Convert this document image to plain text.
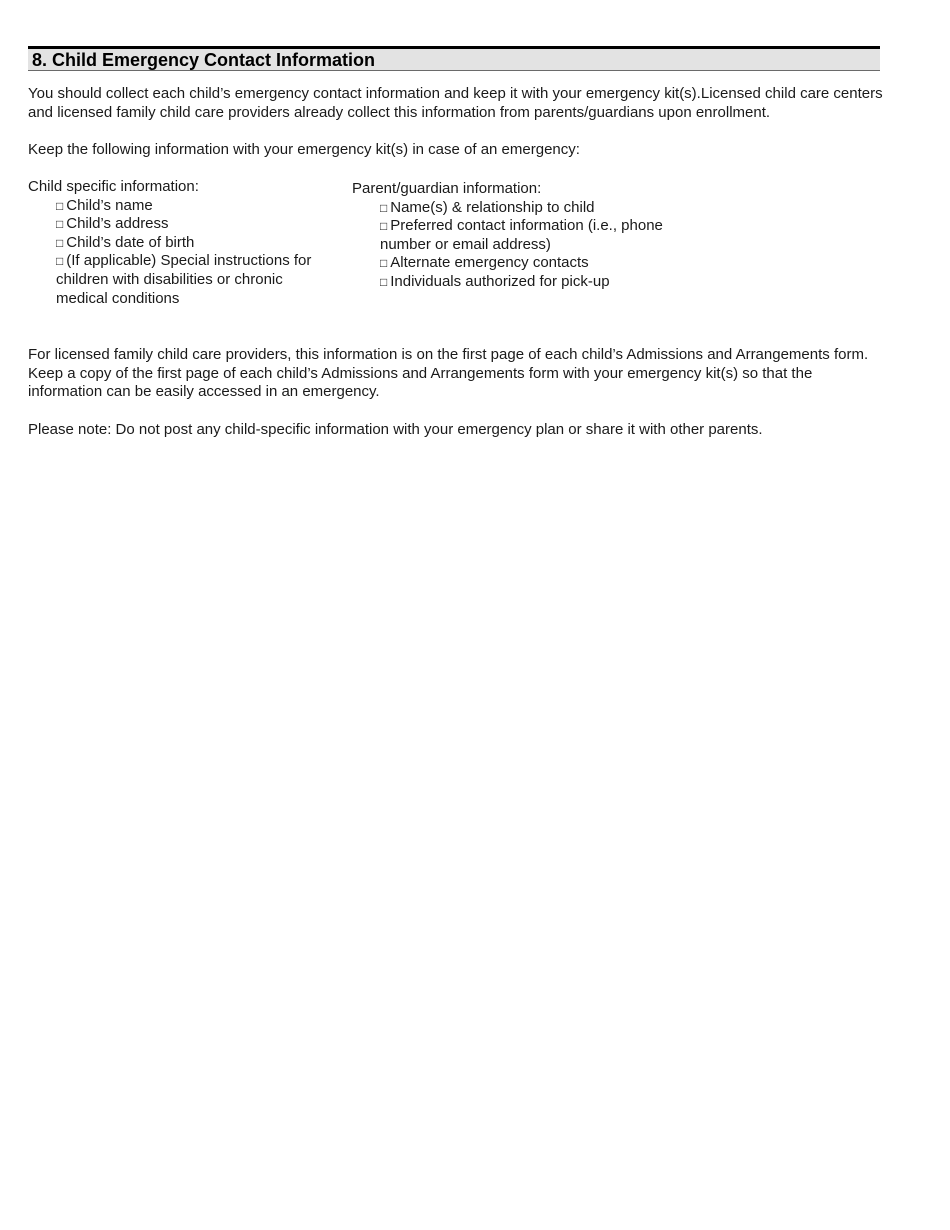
8. Child Emergency Contact Information

You should collect each child’s emergency contact information and keep it with your emergency kit(s).Licensed child care centers and licensed family child care providers already collect this information from parents/guardians upon enrollment.

Keep the following information with your emergency kit(s) in case of an emergency:

Child specific information:
□ Child’s name
□ Child’s address
□ Child’s date of birth
□ (If applicable) Special instructions for children with disabilities or chronic medical conditions
Parent/guardian information:
□ Name(s) & relationship to child
□ Preferred contact information (i.e., phone number or email address)
□ Alternate emergency contacts
□ Individuals authorized for pick-up

For licensed family child care providers, this information is on the first page of each child’s Admissions and Arrangements form. Keep a copy of the first page of each child’s Admissions and Arrangements form with your emergency kit(s) so that the information can be easily accessed in an emergency.

Please note: Do not post any child-specific information with your emergency plan or share it with other parents.
